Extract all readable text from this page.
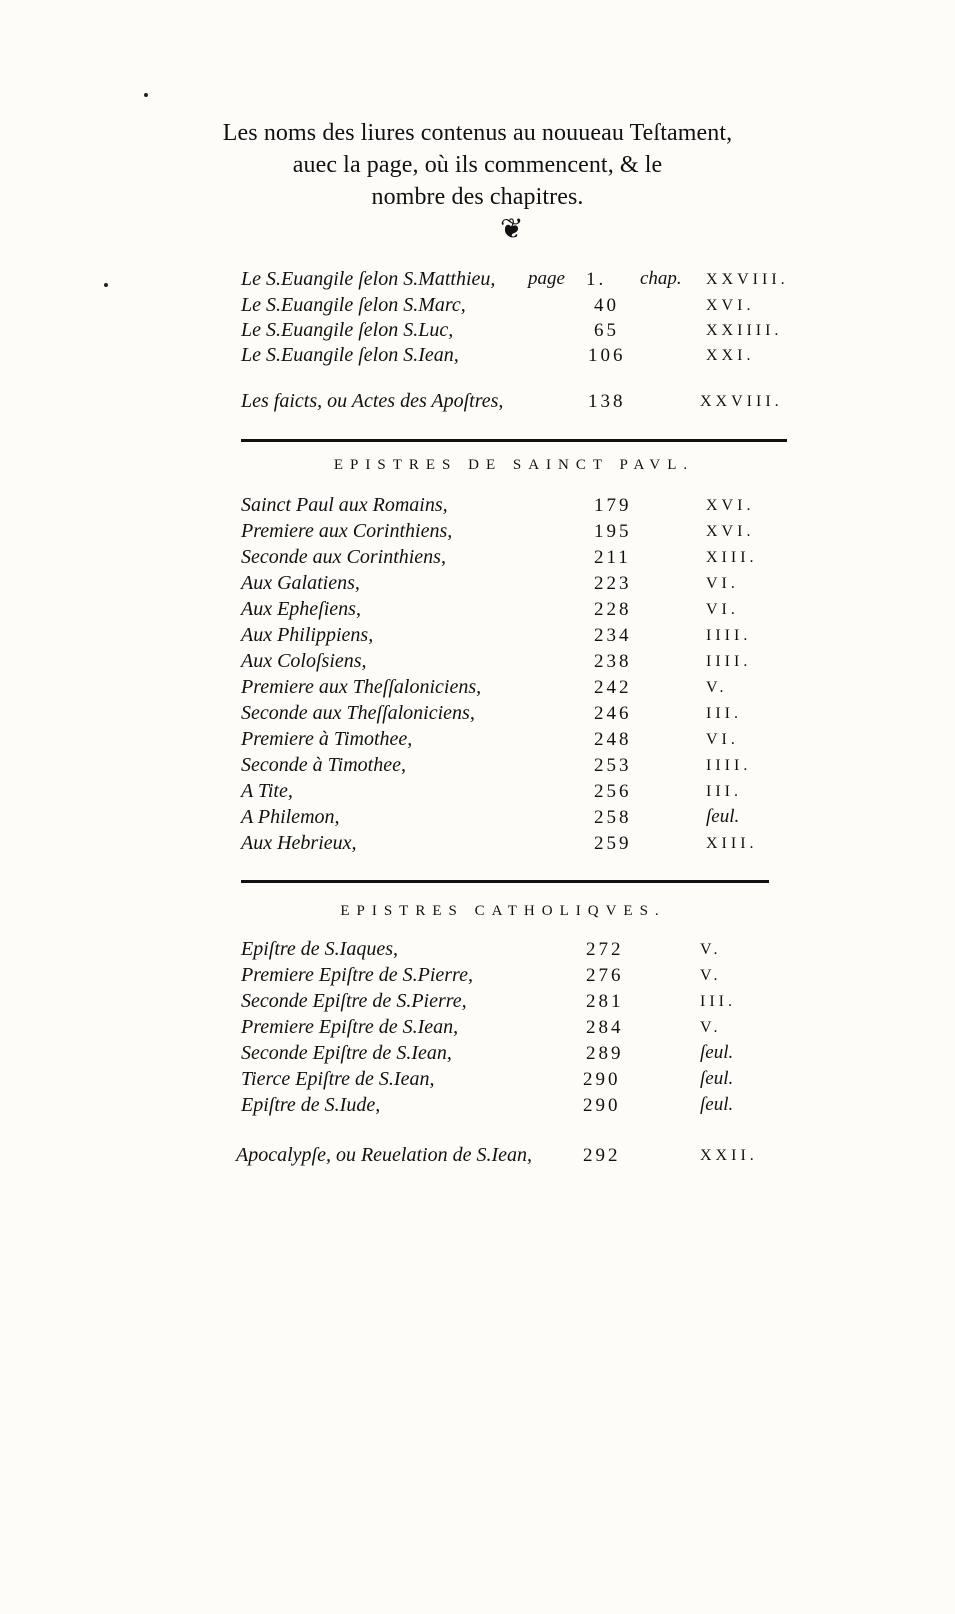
Les noms des liures contenus au nouueau Teſtament,
auec la page, où ils commencent, & le
nombre des chapitres.
❦
Le S.Euangile ſelon S.Matthieu, page 1. chap. XXVIII.
Le S.Euangile ſelon S.Marc,	40	XVI.
Le S.Euangile ſelon S.Luc,	65	XXIIII.
Le S.Euangile ſelon S.Iean,	106	XXI.
Les faicts, ou Actes des Apoſtres,	138	XXVIII.
EPISTRES DE SAINCT PAVL.
Sainct Paul aux Romains,	179	XVI.
Premiere aux Corinthiens,	195	XVI.
Seconde aux Corinthiens,	211	XIII.
Aux Galatiens,	223	VI.
Aux Epheſiens,	228	VI.
Aux Philippiens,	234	IIII.
Aux Coloſsiens,	238	IIII.
Premiere aux Theſſaloniciens,	242	V.
Seconde aux Theſſaloniciens,	246	III.
Premiere à Timothee,	248	VI.
Seconde à Timothee,	253	IIII.
A Tite,	256	III.
A Philemon,	258	ſeul.
Aux Hebrieux,	259	XIII.
EPISTRES CATHOLIQVES.
Epiſtre de S.Iaques,	272	V.
Premiere Epiſtre de S.Pierre,	276	V.
Seconde Epiſtre de S.Pierre,	281	III.
Premiere Epiſtre de S.Iean,	284	V.
Seconde Epiſtre de S.Iean,	289	ſeul.
Tierce Epiſtre de S.Iean,	290	ſeul.
Epiſtre de S.Iude,	290	ſeul.
Apocalypſe, ou Reuelation de S.Iean,	292	XXII.
